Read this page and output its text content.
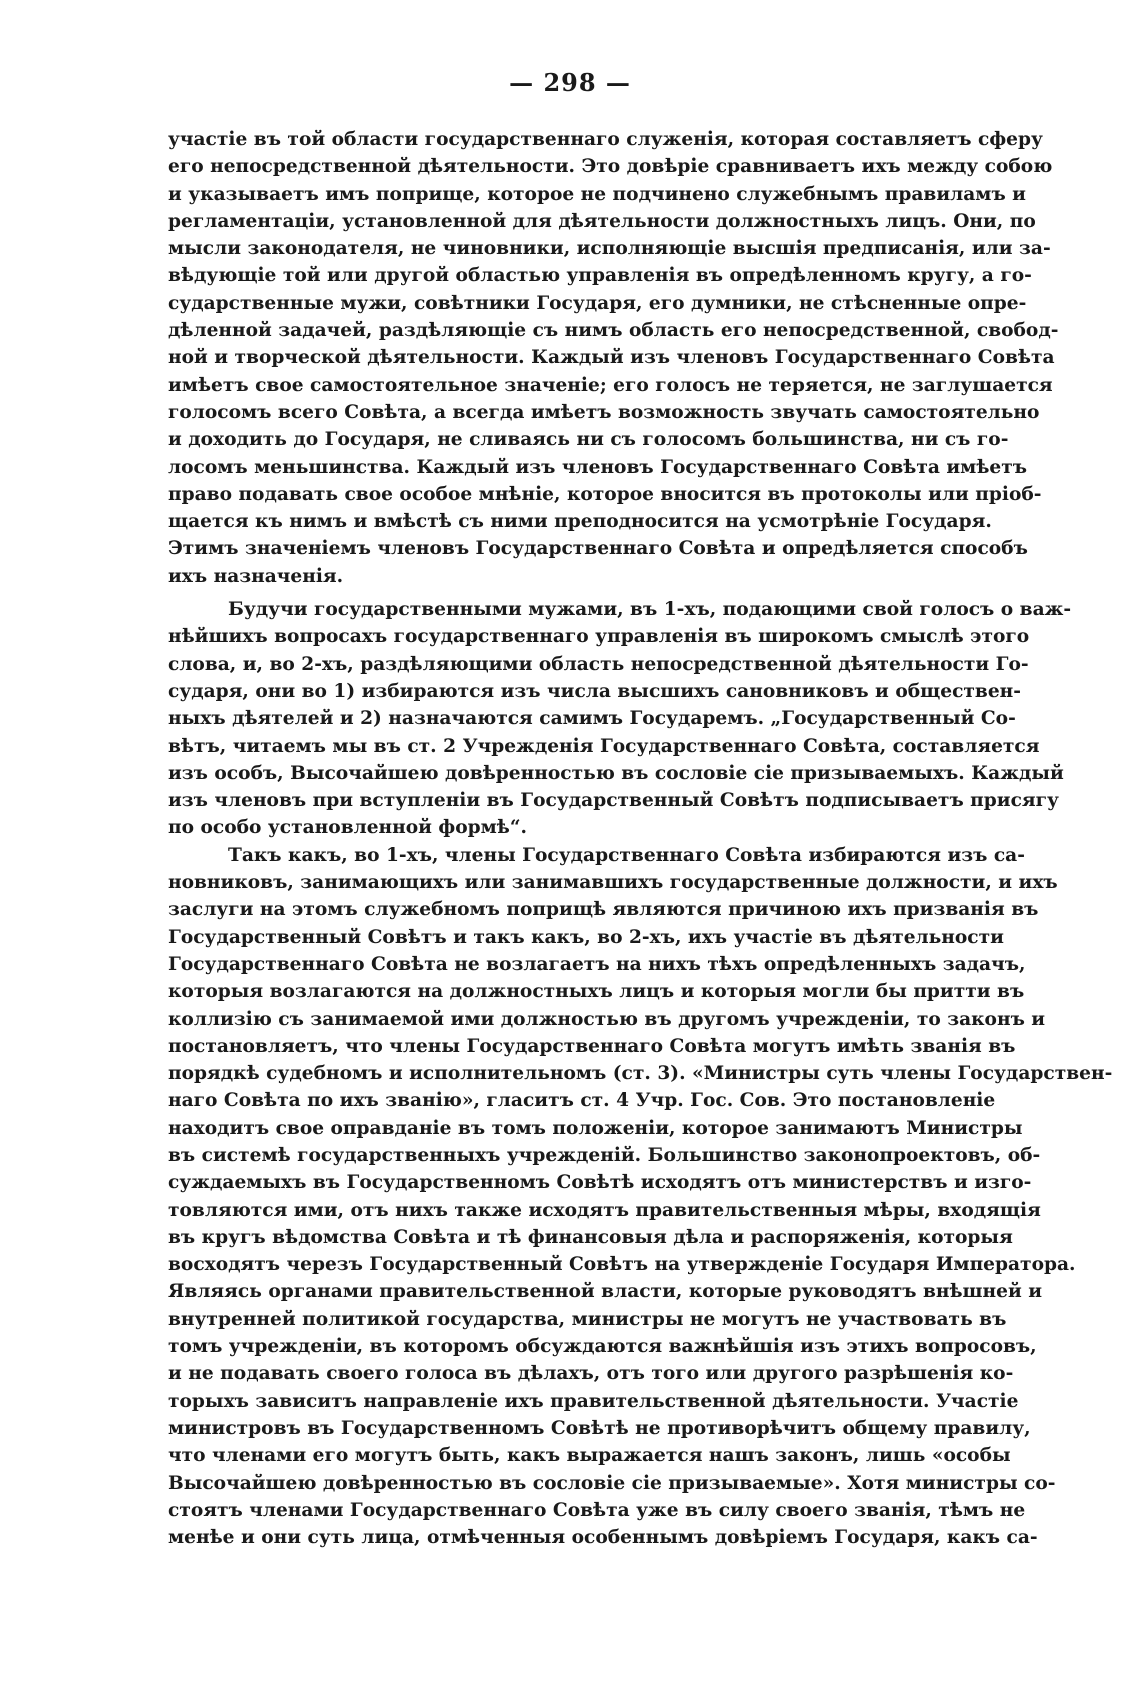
— 298 —
участіе въ той области государственнаго служенія, которая составляетъ сферу
его непосредственной дѣятельности. Это довѣріе сравниваетъ ихъ между собою
и указываетъ имъ поприще, которое не подчинено служебнымъ правиламъ и
регламентаціи, установленной для дѣятельности должностныхъ лицъ. Они, по
мысли законодателя, не чиновники, исполняющіе высшія предписанія, или за-
вѣдующіе той или другой областью управленія въ опредѣленномъ кругу, а го-
сударственные мужи, совѣтники Государя, его думники, не стѣсненные опре-
дѣленной задачей, раздѣляющіе съ нимъ область его непосредственной, свобод-
ной и творческой дѣятельности. Каждый изъ членовъ Государственнаго Совѣта
имѣетъ свое самостоятельное значеніе; его голосъ не теряется, не заглушается
голосомъ всего Совѣта, а всегда имѣетъ возможность звучать самостоятельно
и доходить до Государя, не сливаясь ни съ голосомъ большинства, ни съ го-
лосомъ меньшинства. Каждый изъ членовъ Государственнаго Совѣта имѣетъ
право подавать свое особое мнѣніе, которое вносится въ протоколы или пріоб-
щается къ нимъ и вмѣстѣ съ ними преподносится на усмотрѣніе Государя.
Этимъ значеніемъ членовъ Государственнаго Совѣта и опредѣляется способъ
ихъ назначенія.
Будучи государственными мужами, въ 1-хъ, подающими свой голосъ о важ-
нѣйшихъ вопросахъ государственнаго управленія въ широкомъ смыслѣ этого
слова, и, во 2-хъ, раздѣляющими область непосредственной дѣятельности Го-
сударя, они во 1) избираются изъ числа высшихъ сановниковъ и обществен-
ныхъ дѣятелей и 2) назначаются самимъ Государемъ. „Государственный Со-
вѣтъ, читаемъ мы въ ст. 2 Учрежденія Государственнаго Совѣта, составляется
изъ особъ, Высочайшею довѣренностью въ сословіе сіе призываемыхъ. Каждый
изъ членовъ при вступленіи въ Государственный Совѣтъ подписываетъ присягу
по особо установленной формѣ“.
Такъ какъ, во 1-хъ, члены Государственнаго Совѣта избираются изъ са-
новниковъ, занимающихъ или занимавшихъ государственные должности, и ихъ
заслуги на этомъ служебномъ поприщѣ являются причиною ихъ призванія въ
Государственный Совѣтъ и такъ какъ, во 2-хъ, ихъ участіе въ дѣятельности
Государственнаго Совѣта не возлагаетъ на нихъ тѣхъ опредѣленныхъ задачъ,
которыя возлагаются на должностныхъ лицъ и которыя могли бы притти въ
коллизію съ занимаемой ими должностью въ другомъ учрежденіи, то законъ и
постановляетъ, что члены Государственнаго Совѣта могутъ имѣть званія въ
порядкѣ судебномъ и исполнительномъ (ст. 3). «Министры суть члены Государствен-
наго Совѣта по ихъ званію», гласитъ ст. 4 Учр. Гос. Сов. Это постановленіе
находитъ свое оправданіе въ томъ положеніи, которое занимаютъ Министры
въ системѣ государственныхъ учрежденій. Большинство законопроектовъ, об-
суждаемыхъ въ Государственномъ Совѣтѣ исходятъ отъ министерствъ и изго-
товляются ими, отъ нихъ также исходятъ правительственныя мѣры, входящія
въ кругъ вѣдомства Совѣта и тѣ финансовыя дѣла и распоряженія, которыя
восходятъ черезъ Государственный Совѣтъ на утвержденіе Государя Императора.
Являясь органами правительственной власти, которые руководятъ внѣшней и
внутренней политикой государства, министры не могутъ не участвовать въ
томъ учрежденіи, въ которомъ обсуждаются важнѣйшія изъ этихъ вопросовъ,
и не подавать своего голоса въ дѣлахъ, отъ того или другого разрѣшенія ко-
торыхъ зависитъ направленіе ихъ правительственной дѣятельности. Участіе
министровъ въ Государственномъ Совѣтѣ не противорѣчитъ общему правилу,
что членами его могутъ быть, какъ выражается нашъ законъ, лишь «особы
Высочайшею довѣренностью въ сословіе сіе призываемые». Хотя министры со-
стоятъ членами Государственнаго Совѣта уже въ силу своего званія, тѣмъ не
менѣе и они суть лица, отмѣченныя особеннымъ довѣріемъ Государя, какъ са-
